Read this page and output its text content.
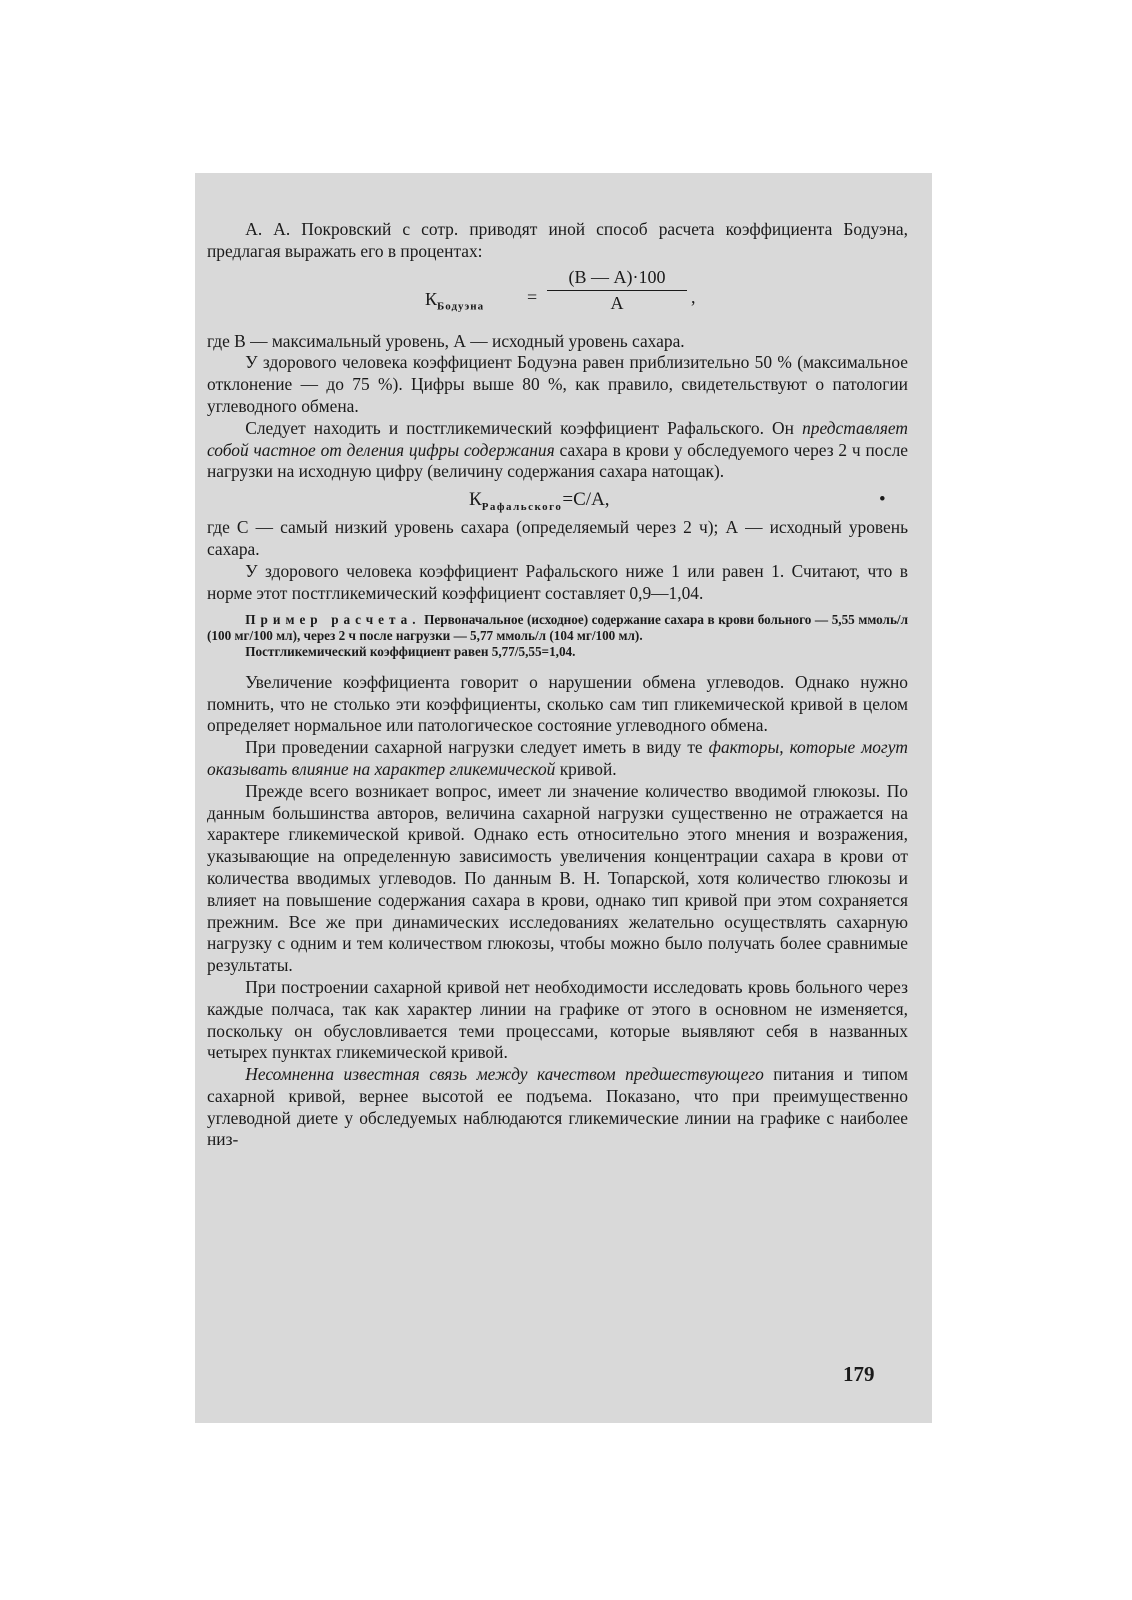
А. А. Покровский с сотр. приводят иной способ расчета коэффициента Бодуэна, предлагая выражать его в процентах:

$К_{Бодуэна}$ =
(В — А)·100
А	,

где В — максимальный уровень, А — исходный уровень сахара.

У здорового человека коэффициент Бодуэна равен приблизительно 50 % (максимальное отклонение — до 75 %). Цифры выше 80 %, как правило, свидетельствуют о патологии углеводного обмена.

Следует находить и постгликемический коэффициент Рафальского. Он представляет собой частное от деления цифры содержания сахара в крови у обследуемого через 2 ч после нагрузки на исходную цифру (величину содержания сахара натощак).

$К_{Рафальского}=С/А$,	•

где С — самый низкий уровень сахара (определяемый через 2 ч); А — исходный уровень сахара.

У здорового человека коэффициент Рафальского ниже 1 или равен 1. Считают, что в норме этот постгликемический коэффициент составляет 0,9—1,04.

Пример расчета. Первоначальное (исходное) содержание сахара в крови больного — 5,55 ммоль/л (100 мг/100 мл), через 2 ч после нагрузки — 5,77 ммоль/л (104 мг/100 мл).

Постгликемический коэффициент равен 5,77/5,55=1,04.

Увеличение коэффициента говорит о нарушении обмена углеводов. Однако нужно помнить, что не столько эти коэффициенты, сколько сам тип гликемической кривой в целом определяет нормальное или патологическое состояние углеводного обмена.

При проведении сахарной нагрузки следует иметь в виду те факторы, которые могут оказывать влияние на характер гликемической кривой.

Прежде всего возникает вопрос, имеет ли значение количество вводимой глюкозы. По данным большинства авторов, величина сахарной нагрузки существенно не отражается на характере гликемической кривой. Однако есть относительно этого мнения и возражения, указывающие на определенную зависимость увеличения концентрации сахара в крови от количества вводимых углеводов. По данным В. Н. Топарской, хотя количество глюкозы и влияет на повышение содержания сахара в крови, однако тип кривой при этом сохраняется прежним. Все же при динамических исследованиях желательно осуществлять сахарную нагрузку с одним и тем количеством глюкозы, чтобы можно было получать более сравнимые результаты.

При построении сахарной кривой нет необходимости исследовать кровь больного через каждые полчаса, так как характер линии на графике от этого в основном не изменяется, поскольку он обусловливается теми процессами, которые выявляют себя в названных четырех пунктах гликемической кривой.

Несомненна известная связь между качеством предшествующего питания и типом сахарной кривой, вернее высотой ее подъема. Показано, что при преимущественно углеводной диете у обследуемых наблюдаются гликемические линии на графике с наиболее низ-

179
